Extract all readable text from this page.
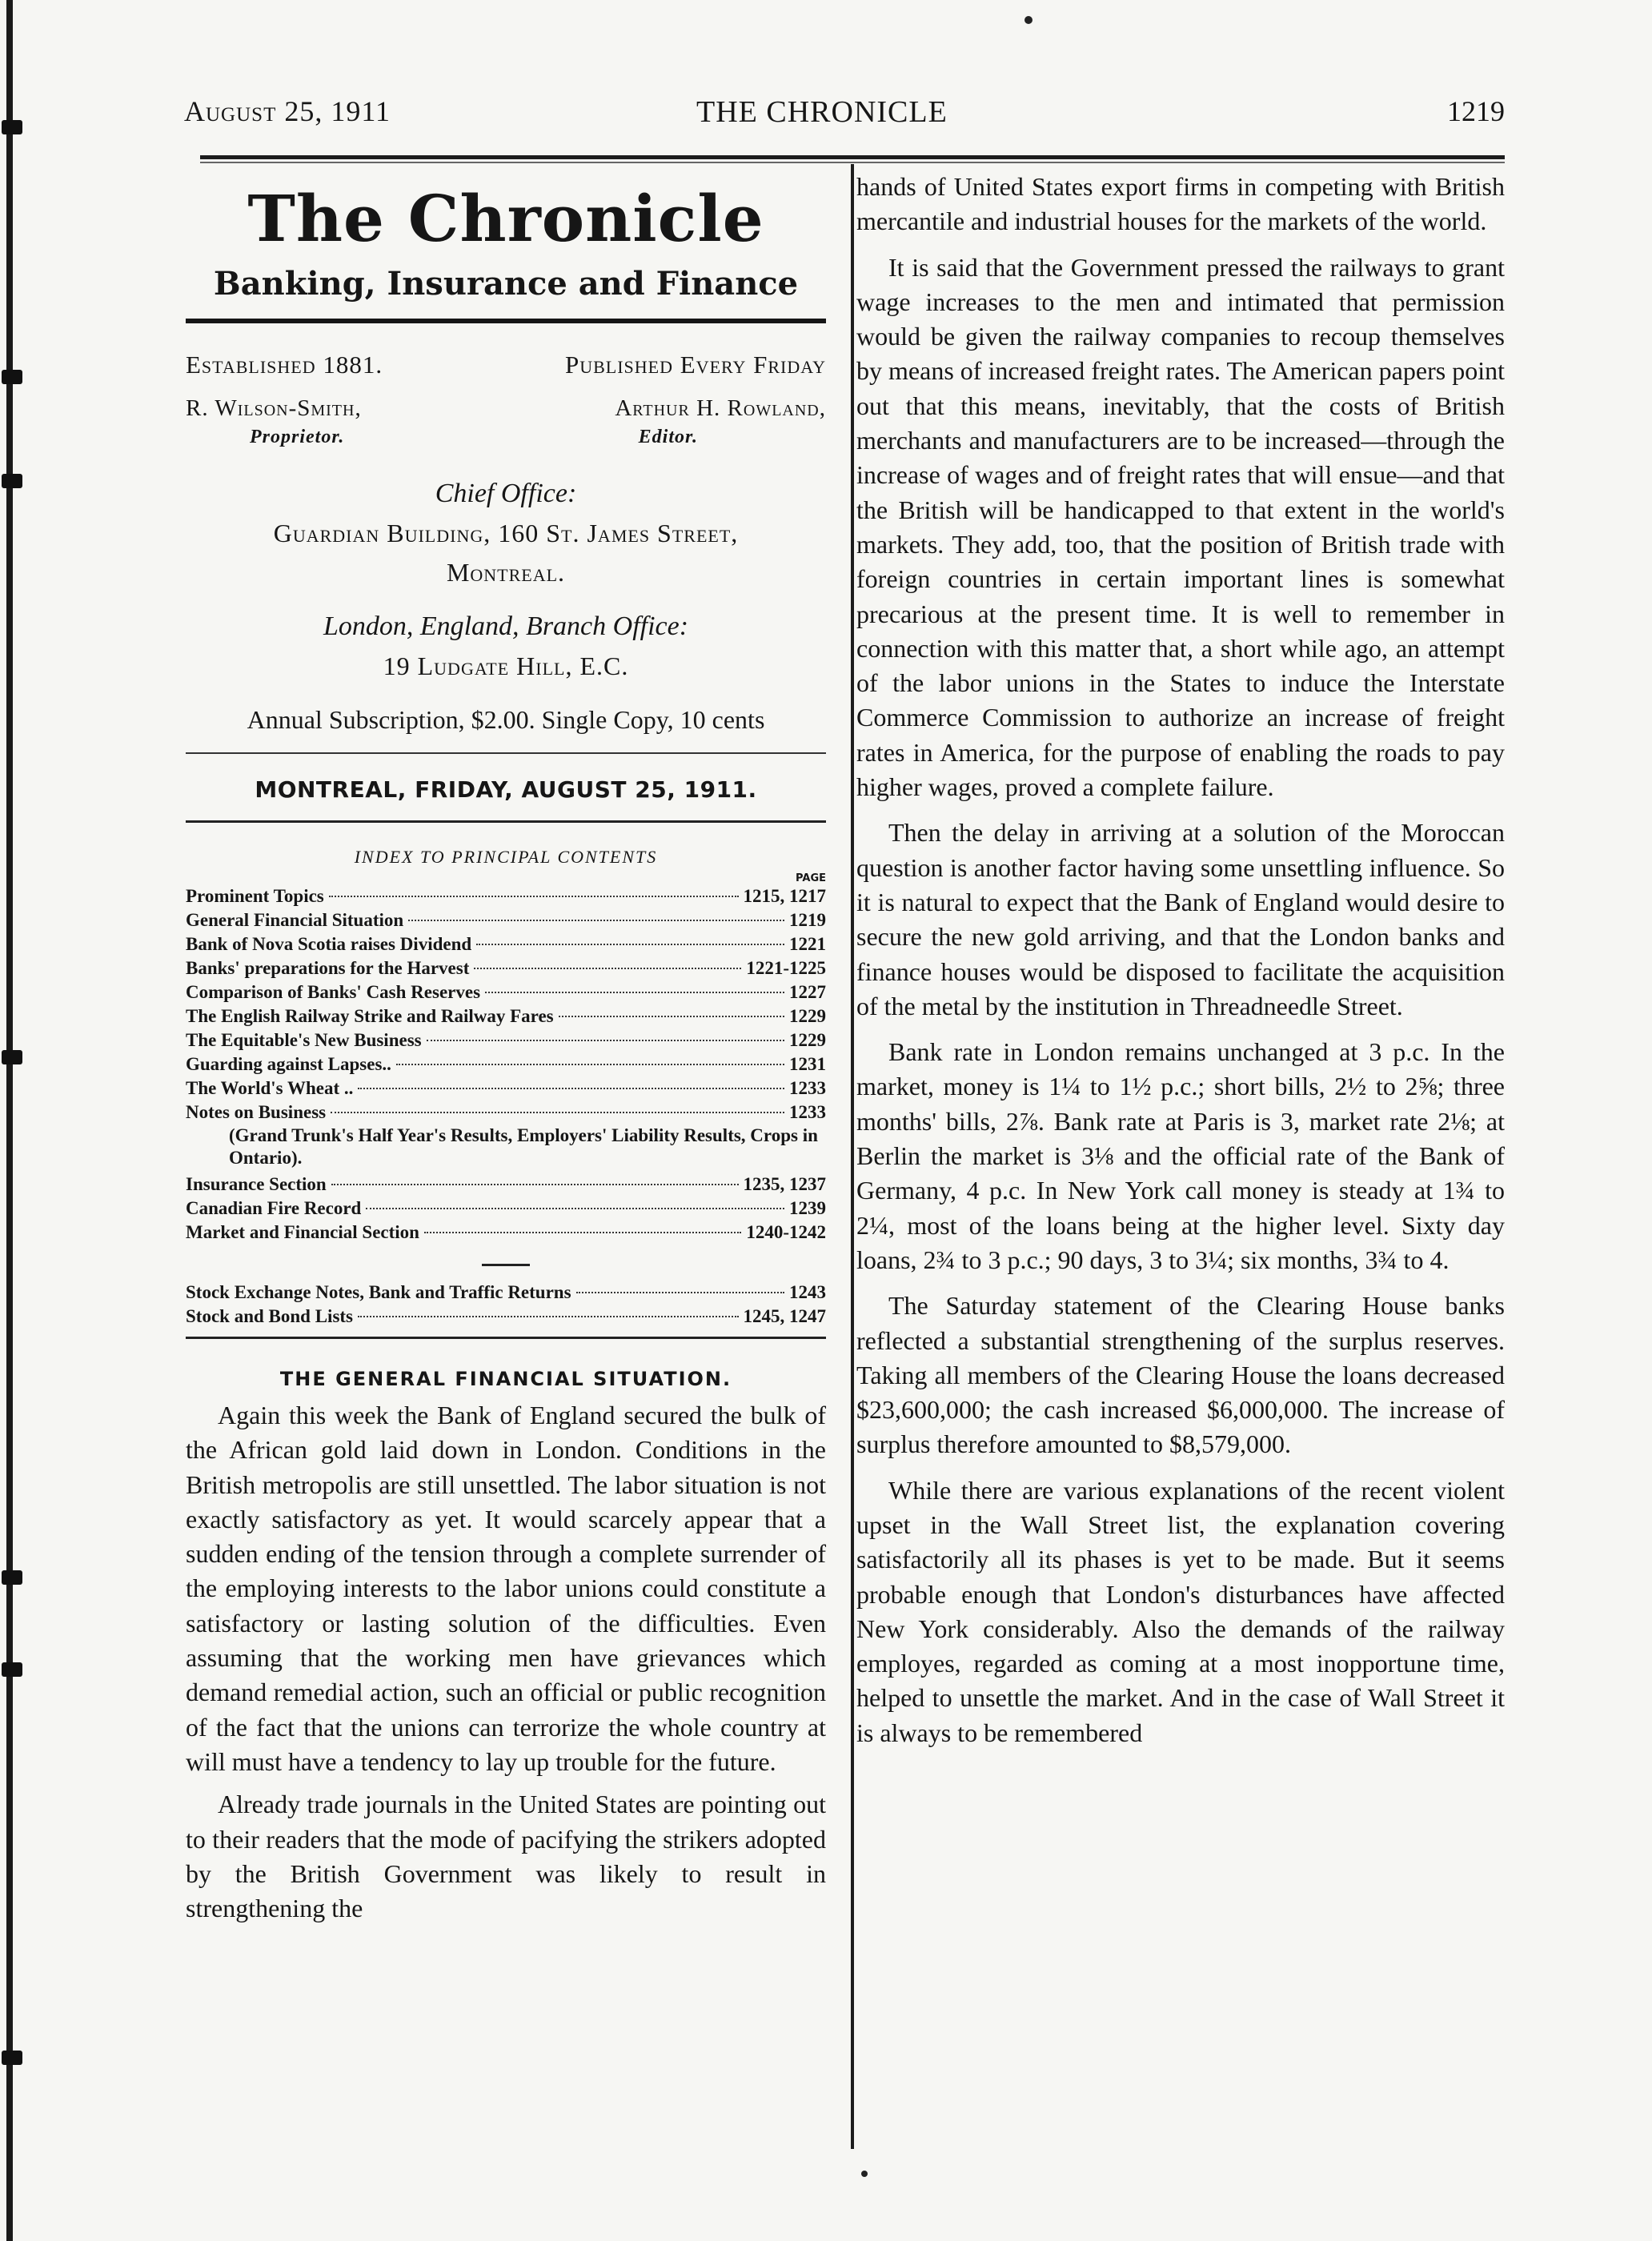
August 25, 1911	THE CHRONICLE	1219
The Chronicle
Banking, Insurance and Finance
Established 1881.	Published Every Friday
R. Wilson-Smith,	Arthur H. Rowland,
Proprietor.	Editor.
Chief Office:
Guardian Building, 160 St. James Street,
Montreal.
London, England, Branch Office:
19 Ludgate Hill, E.C.
Annual Subscription, $2.00. Single Copy, 10 cents
MONTREAL, FRIDAY, AUGUST 25, 1911.
INDEX TO PRINCIPAL CONTENTS
PAGE
Prominent Topics	1215, 1217
General Financial Situation	1219
Bank of Nova Scotia raises Dividend	1221
Banks' preparations for the Harvest	1221-1225
Comparison of Banks' Cash Reserves	1227
The English Railway Strike and Railway Fares	1229
The Equitable's New Business	1229
Guarding against Lapses..	1231
The World's Wheat ..	1233
Notes on Business	1233
(Grand Trunk's Half Year's Results, Employers' Liability Results, Crops in Ontario).
Insurance Section	1235, 1237
Canadian Fire Record	1239
Market and Financial Section	1240-1242
Stock Exchange Notes, Bank and Traffic Returns	1243
Stock and Bond Lists	1245, 1247
THE GENERAL FINANCIAL SITUATION.

Again this week the Bank of England secured the bulk of the African gold laid down in London. Conditions in the British metropolis are still unsettled. The labor situation is not exactly satisfactory as yet. It would scarcely appear that a sudden ending of the tension through a complete surrender of the employing interests to the labor unions could constitute a satisfactory or lasting solution of the difficulties. Even assuming that the working men have grievances which demand remedial action, such an official or public recognition of the fact that the unions can terrorize the whole country at will must have a tendency to lay up trouble for the future.

Already trade journals in the United States are pointing out to their readers that the mode of pacifying the strikers adopted by the British Government was likely to result in strengthening the

hands of United States export firms in competing with British mercantile and industrial houses for the markets of the world.

It is said that the Government pressed the railways to grant wage increases to the men and intimated that permission would be given the railway companies to recoup themselves by means of increased freight rates. The American papers point out that this means, inevitably, that the costs of British merchants and manufacturers are to be increased—through the increase of wages and of freight rates that will ensue—and that the British will be handicapped to that extent in the world's markets. They add, too, that the position of British trade with foreign countries in certain important lines is somewhat precarious at the present time. It is well to remember in connection with this matter that, a short while ago, an attempt of the labor unions in the States to induce the Interstate Commerce Commission to authorize an increase of freight rates in America, for the purpose of enabling the roads to pay higher wages, proved a complete failure.

Then the delay in arriving at a solution of the Moroccan question is another factor having some unsettling influence. So it is natural to expect that the Bank of England would desire to secure the new gold arriving, and that the London banks and finance houses would be disposed to facilitate the acquisition of the metal by the institution in Threadneedle Street.

Bank rate in London remains unchanged at 3 p.c. In the market, money is 1¼ to 1½ p.c.; short bills, 2½ to 2⅝; three months' bills, 2⅞. Bank rate at Paris is 3, market rate 2⅛; at Berlin the market is 3⅛ and the official rate of the Bank of Germany, 4 p.c. In New York call money is steady at 1¾ to 2¼, most of the loans being at the higher level. Sixty day loans, 2¾ to 3 p.c.; 90 days, 3 to 3¼; six months, 3¾ to 4.

The Saturday statement of the Clearing House banks reflected a substantial strengthening of the surplus reserves. Taking all members of the Clearing House the loans decreased $23,600,000; the cash increased $6,000,000. The increase of surplus therefore amounted to $8,579,000.

While there are various explanations of the recent violent upset in the Wall Street list, the explanation covering satisfactorily all its phases is yet to be made. But it seems probable enough that London's disturbances have affected New York considerably. Also the demands of the railway employes, regarded as coming at a most inopportune time, helped to unsettle the market. And in the case of Wall Street it is always to be remembered
